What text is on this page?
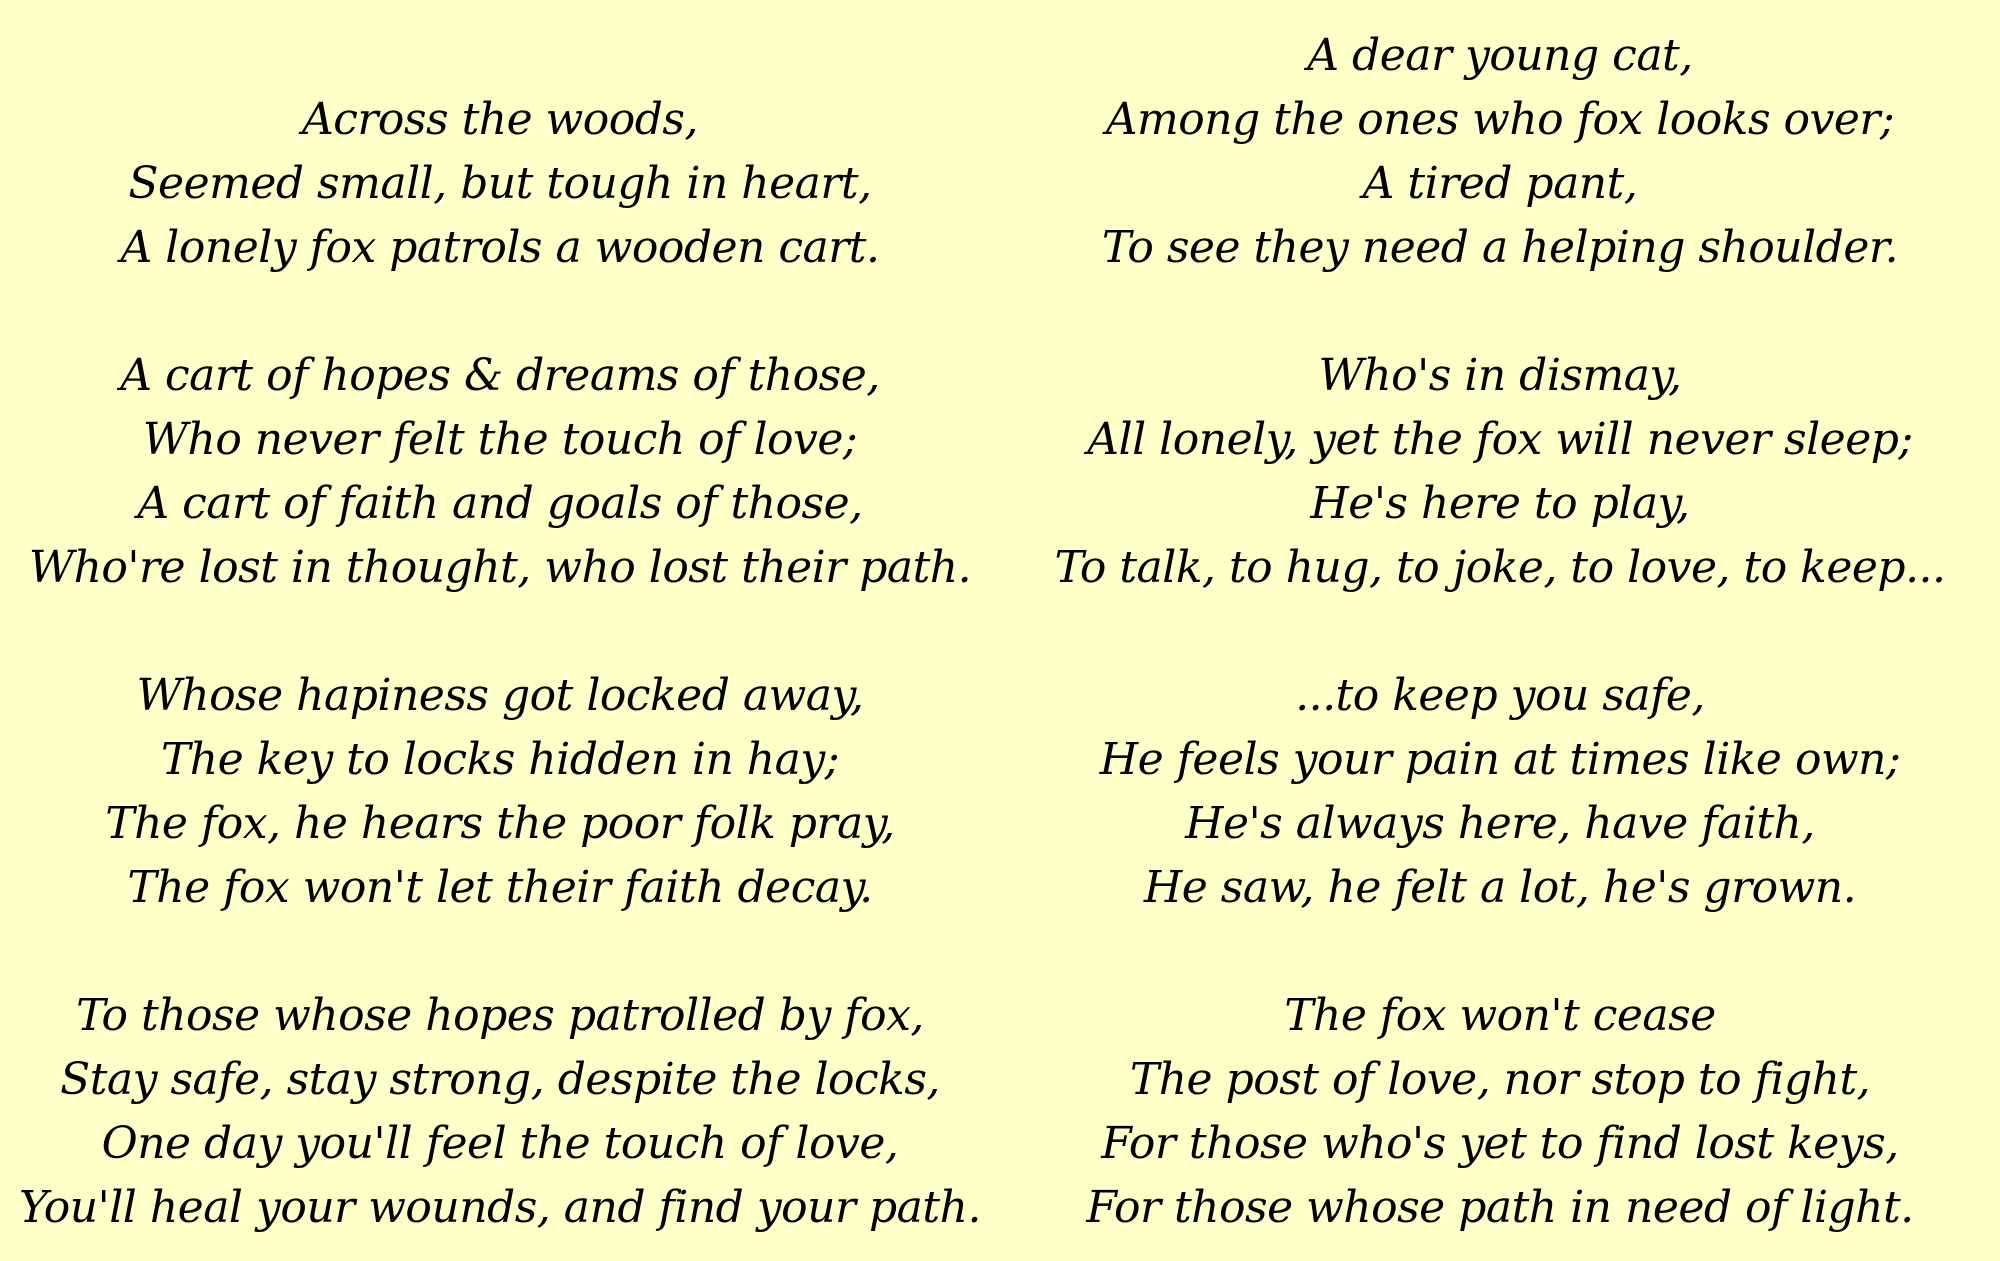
Across the woods,
Seemed small, but tough in heart,
A lonely fox patrols a wooden cart.
A cart of hopes & dreams of those,
Who never felt the touch of love;
A cart of faith and goals of those,
Who're lost in thought, who lost their path.
Whose hapiness got locked away,
The key to locks hidden in hay;
The fox, he hears the poor folk pray,
The fox won't let their faith decay.
To those whose hopes patrolled by fox,
Stay safe, stay strong, despite the locks,
One day you'll feel the touch of love,
You'll heal your wounds, and find your path.
A dear young cat,
Among the ones who fox looks over;
A tired pant,
To see they need a helping shoulder.
Who's in dismay,
All lonely, yet the fox will never sleep;
He's here to play,
To talk, to hug, to joke, to love, to keep...
...to keep you safe,
He feels your pain at times like own;
He's always here, have faith,
He saw, he felt a lot, he's grown.
The fox won't cease
The post of love, nor stop to fight,
For those who's yet to find lost keys,
For those whose path in need of light.
